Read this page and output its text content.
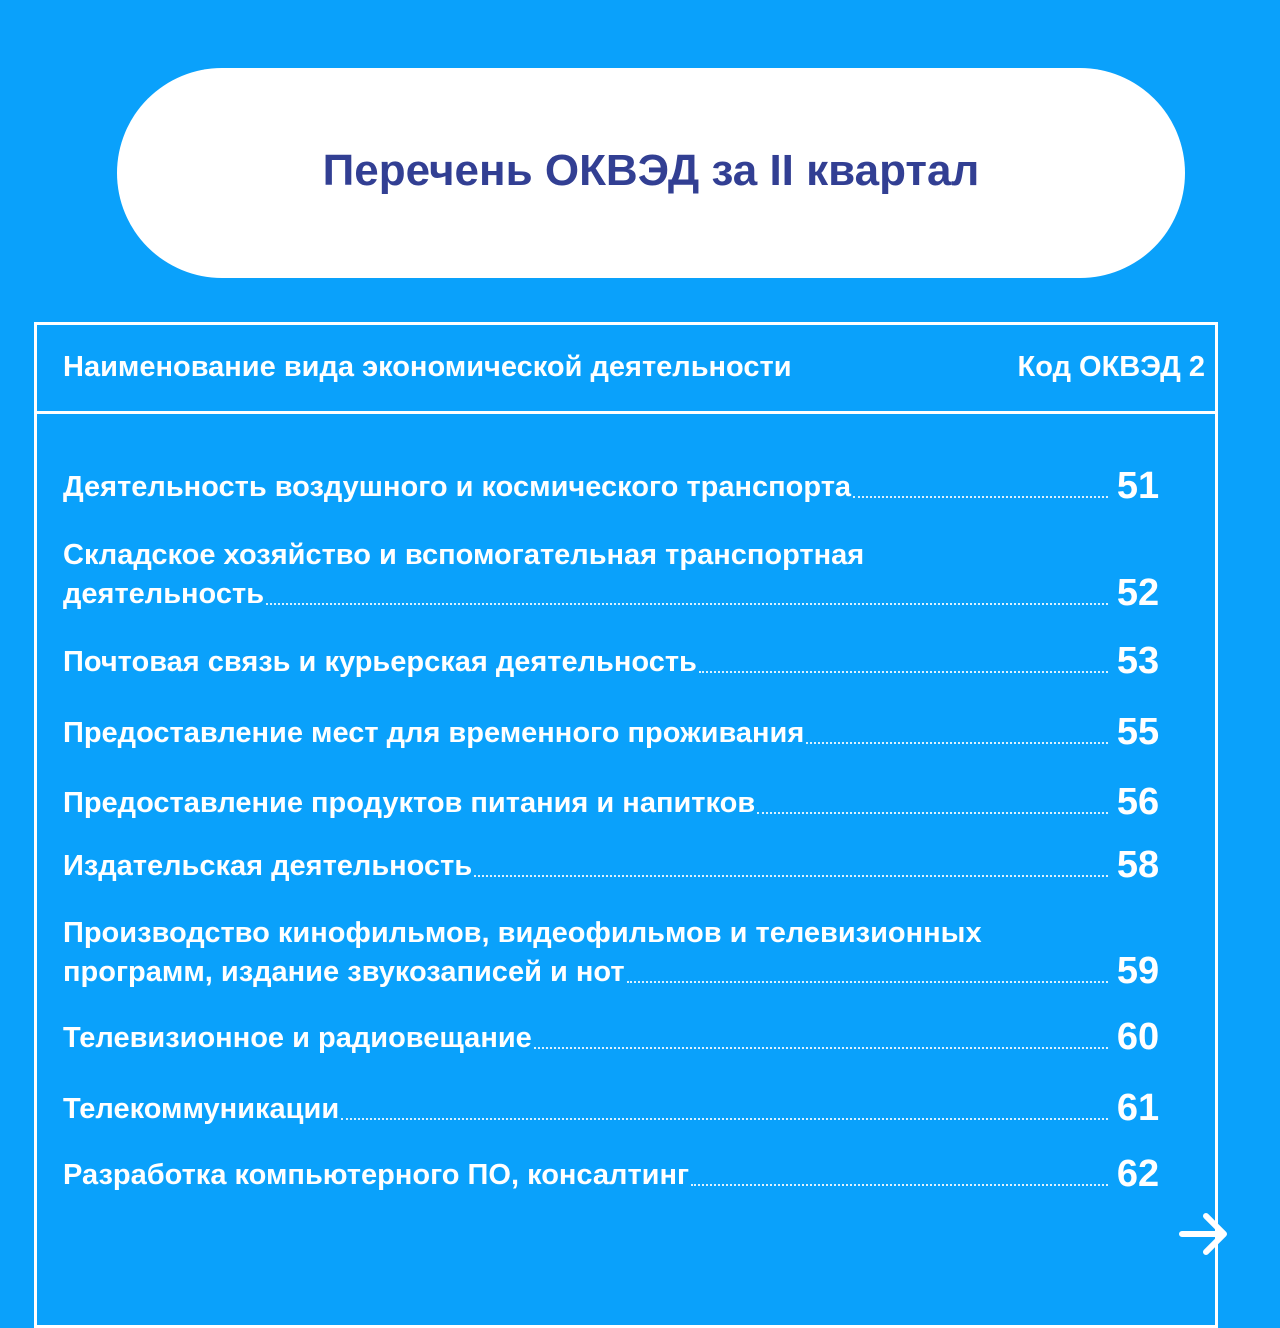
Перечень ОКВЭД за II квартал
Наименование вида экономической деятельности	Код ОКВЭД 2
Деятельность воздушного и космического транспорта	51
Складское хозяйство и вспомогательная транспортная
деятельность	52
Почтовая связь и курьерская деятельность	53
Предоставление мест для временного проживания	55
Предоставление продуктов питания и напитков	56
Издательская деятельность	58
Производство кинофильмов, видеофильмов и телевизионных
программ, издание звукозаписей и нот	59
Телевизионное и радиовещание	60
Телекоммуникации	61
Разработка компьютерного ПО, консалтинг	62
